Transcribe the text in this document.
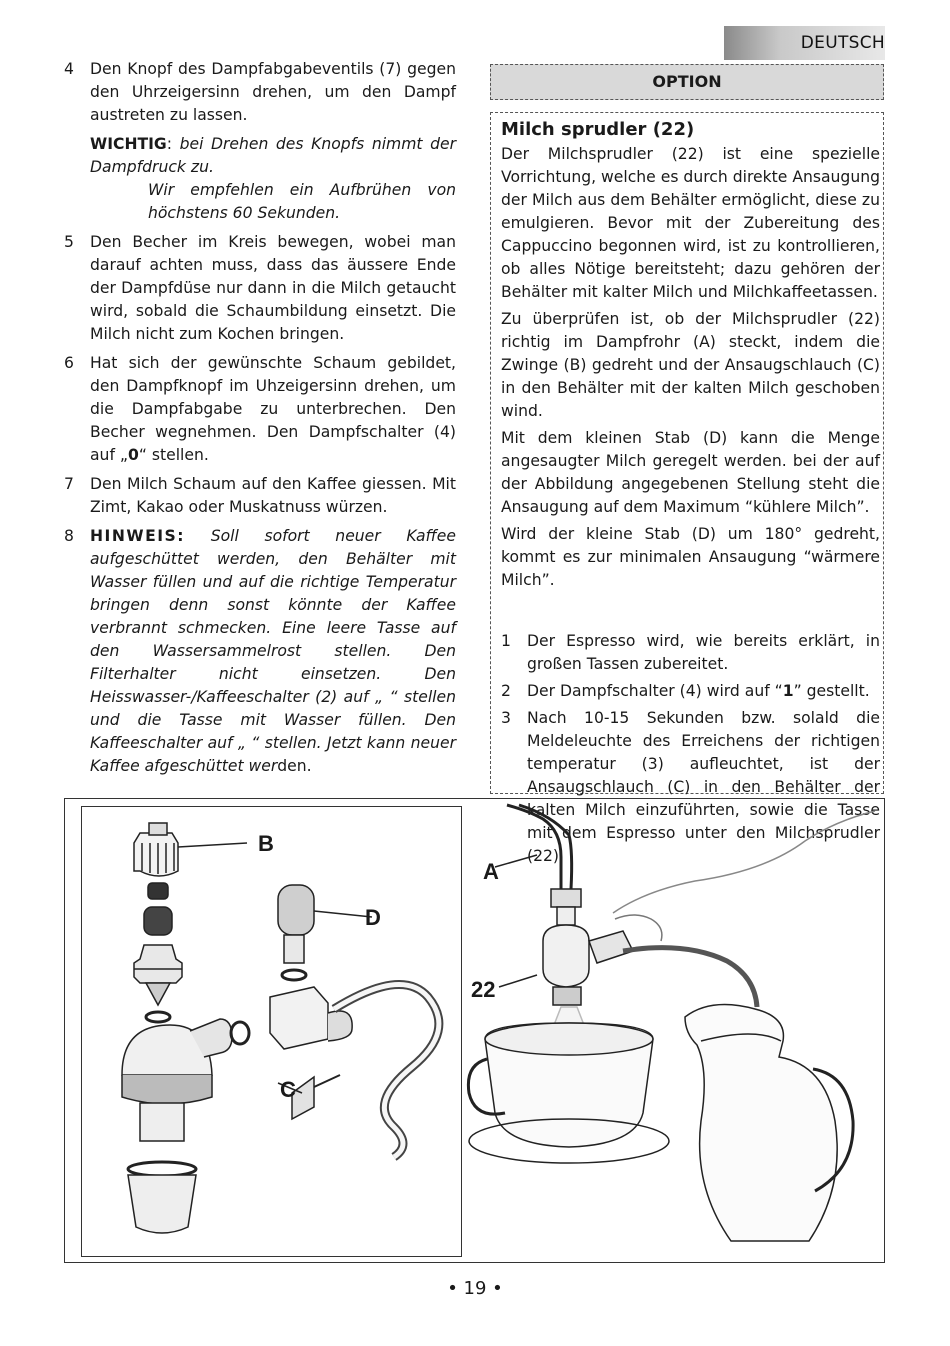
DEUTSCH
4	Den Knopf des Dampfabgabeventils (7) gegen den Uhrzeigersinn drehen, um den Dampf austreten zu lassen.
WICHTIG: bei Drehen des Knopfs nimmt der Dampfdruck zu.
Wir empfehlen ein Aufbrühen von höchstens 60 Sekunden.
5	Den Becher im Kreis bewegen, wobei man darauf achten muss, dass das äussere Ende der Dampfdüse nur dann in die Milch getaucht wird, sobald die Schaumbildung einsetzt. Die Milch nicht zum Kochen bringen.
6	Hat sich der gewünschte Schaum gebildet, den Dampfknopf im Uhzeigersinn drehen, um die Dampfabgabe zu unterbrechen. Den Becher wegnehmen. Den Dampfschalter (4) auf „0“ stellen.
7	Den Milch Schaum auf den Kaffee giessen. Mit Zimt, Kakao oder Muskatnuss würzen.
8	HINWEIS: Soll sofort neuer Kaffee aufgeschüttet werden, den Behälter mit Wasser füllen und auf die richtige Temperatur bringen denn sonst könnte der Kaffee verbrannt schmecken. Eine leere Tasse auf den Wassersammelrost stellen. Den Filterhalter nicht einsetzen. Den Heisswasser-/Kaffeeschalter (2) auf „ “ stellen und die Tasse mit Wasser füllen. Den Kaffeeschalter auf „ “ stellen. Jetzt kann neuer Kaffee afgeschüttet werden.
OPTION
Milch sprudler (22)
Der Milchsprudler (22) ist eine spezielle Vorrichtung, welche es durch direkte Ansaugung der Milch aus dem Behälter ermöglicht, diese zu emulgieren. Bevor mit der Zubereitung des Cappuccino begonnen wird, ist zu kontrollieren, ob alles Nötige bereitsteht; dazu gehören der Behälter mit kalter Milch und Milchkaffeetassen.
Zu überprüfen ist, ob der Milchsprudler (22) richtig im Dampfrohr (A) steckt, indem die Zwinge (B) gedreht und der Ansaugschlauch (C) in den Behälter mit der kalten Milch geschoben wind.
Mit dem kleinen Stab (D) kann die Menge angesaugter Milch geregelt werden. bei der auf der Abbildung angegebenen Stellung steht die Ansaugung auf dem Maximum “kühlere Milch”.
Wird der kleine Stab (D) um 180° gedreht, kommt es zur minimalen Ansaugung “wärmere Milch”.
1	Der Espresso wird, wie bereits erklärt, in großen Tassen zubereitet.
2	Der Dampfschalter (4) wird auf “1” gestellt.
3	Nach 10-15 Sekunden bzw. solald die Meldeleuchte des Erreichens der richtigen temperatur (3) aufleuchtet, ist der Ansaugschlauch (C) in den Behälter der kalten Milch einzuführten, sowie die Tasse mit dem Espresso unter den Milchsprudler (22).
B
D
C
A
22
• 19 •
